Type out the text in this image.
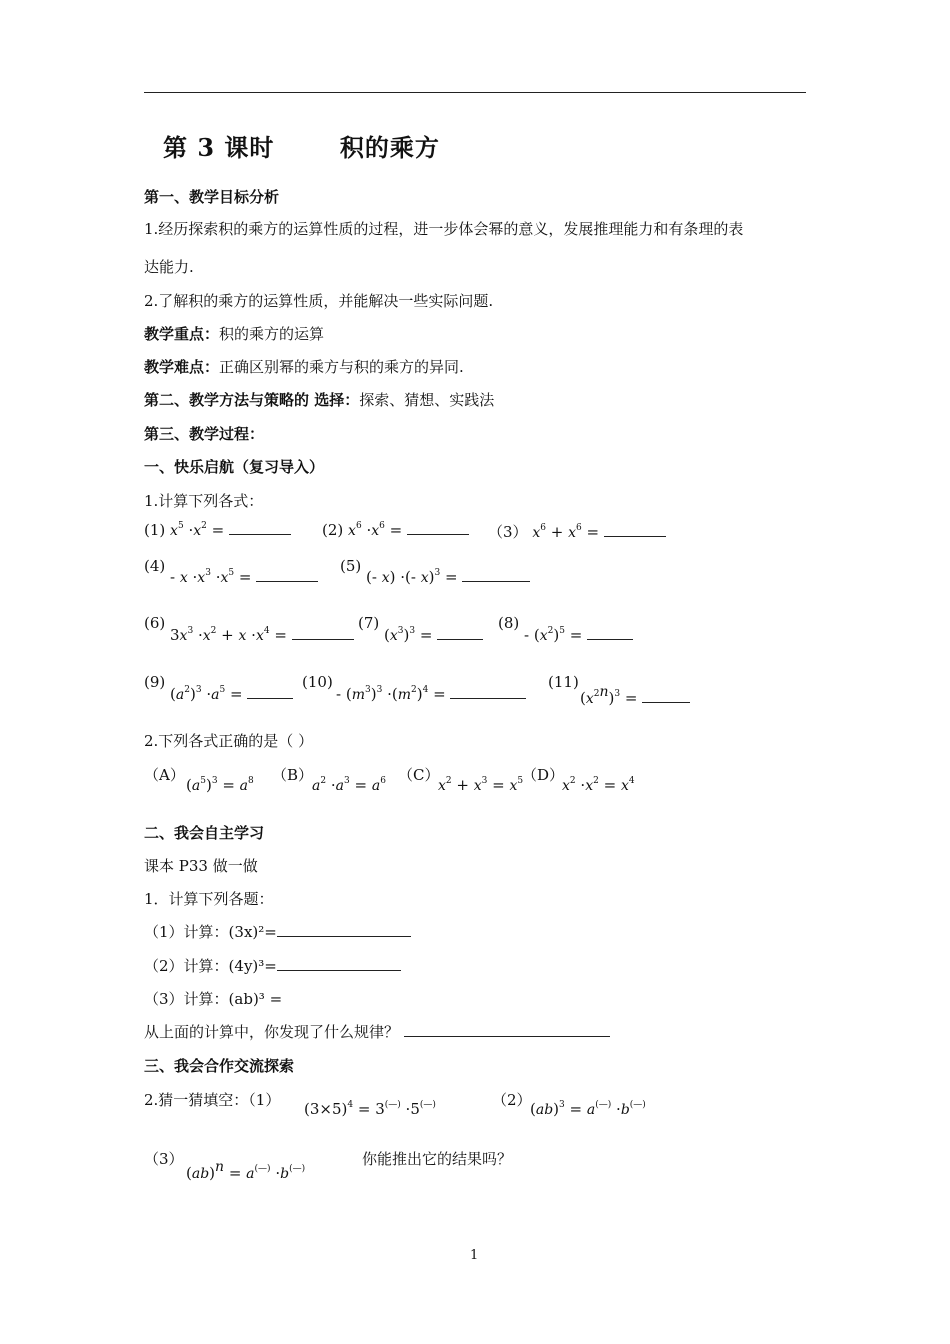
第 3 课时       积的乘方
第一、教学目标分析
1.经历探索积的乘方的运算性质的过程，进一步体会幂的意义，发展推理能力和有条理的表
达能力.
2.了解积的乘方的运算性质，并能解决一些实际问题.
教学重点：积的乘方的运算
教学难点：正确区别幂的乘方与积的乘方的异同.
第二、教学方法与策略的 选择：探索、猜想、实践法
第三、教学过程：
一、快乐启航（复习导入）
1.计算下列各式：
(1) $x^5 \cdot x^2$ =	(2) $x^6 \cdot x^6$ =	（3） $x^6 + x^6$ =
(4)
- $x \cdot x^3 \cdot x^5$ =
(5)
(- x) ·(- x)$^3$ =
(6)
$3x^3 \cdot x^2 + x \cdot x^4$ =
(7)
$(x^3)^3$ =
(8)
- $(x^2)^5$ =
(9)
$(a^2)^3 \cdot a^5$ =
(10)
- $(m^3)^3 \cdot(m^2)^4$ =
(11)
$(x^{2n})^3$ =
2.下列各式正确的是（ ）
（A）
$(a^5)^3 = a^8$ （B）
$a^2 \cdot a^3 = a^6$ （C）
$x^2 + x^3 = x^5$
（D）
$x^2 \cdot x^2 = x^4$
二、我会自主学习
课本 P33 做一做
1．计算下列各题：
（1）计算：(3x)²=
（2）计算：(4y)³=
（3）计算：(ab)³ =
从上面的计算中，你发现了什么规律？
三、我会合作交流探索
2.猜一猜填空：（1） $(3\times 5)^4 = 3^{(—)} \cdot 5^{(—)}$	（2）
(ab)$^3$ = a(—) ·b(—)
（3）
(ab)$^n$ = a(—) ·b(—)
你能推出它的结果吗？
1
